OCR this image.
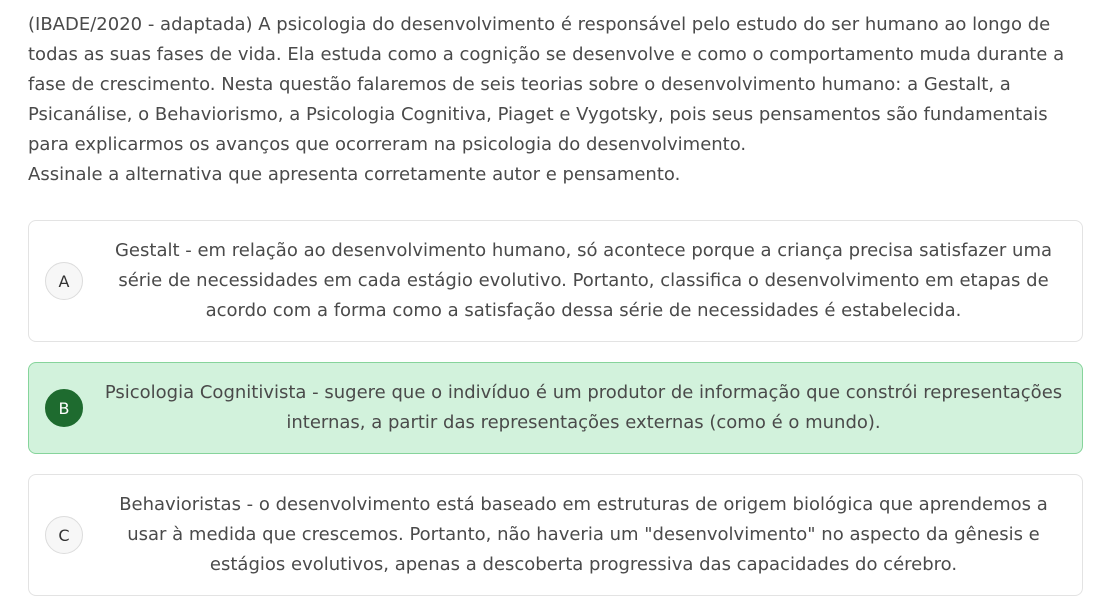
(IBADE/2020 - adaptada) A psicologia do desenvolvimento é responsável pelo estudo do ser humano ao longo de todas as suas fases de vida. Ela estuda como a cognição se desenvolve e como o comportamento muda durante a fase de crescimento. Nesta questão falaremos de seis teorias sobre o desenvolvimento humano: a Gestalt, a Psicanálise, o Behaviorismo, a Psicologia Cognitiva, Piaget e Vygotsky, pois seus pensamentos são fundamentais para explicarmos os avanços que ocorreram na psicologia do desenvolvimento.

Assinale a alternativa que apresenta corretamente autor e pensamento.

A
Gestalt - em relação ao desenvolvimento humano, só acontece porque a criança precisa satisfazer uma série de necessidades em cada estágio evolutivo. Portanto, classifica o desenvolvimento em etapas de acordo com a forma como a satisfação dessa série de necessidades é estabelecida.
B
Psicologia Cognitivista - sugere que o indivíduo é um produtor de informação que constrói representações internas, a partir das representações externas (como é o mundo).
C
Behavioristas - o desenvolvimento está baseado em estruturas de origem biológica que aprendemos a usar à medida que crescemos. Portanto, não haveria um "desenvolvimento" no aspecto da gênesis e estágios evolutivos, apenas a descoberta progressiva das capacidades do cérebro.
